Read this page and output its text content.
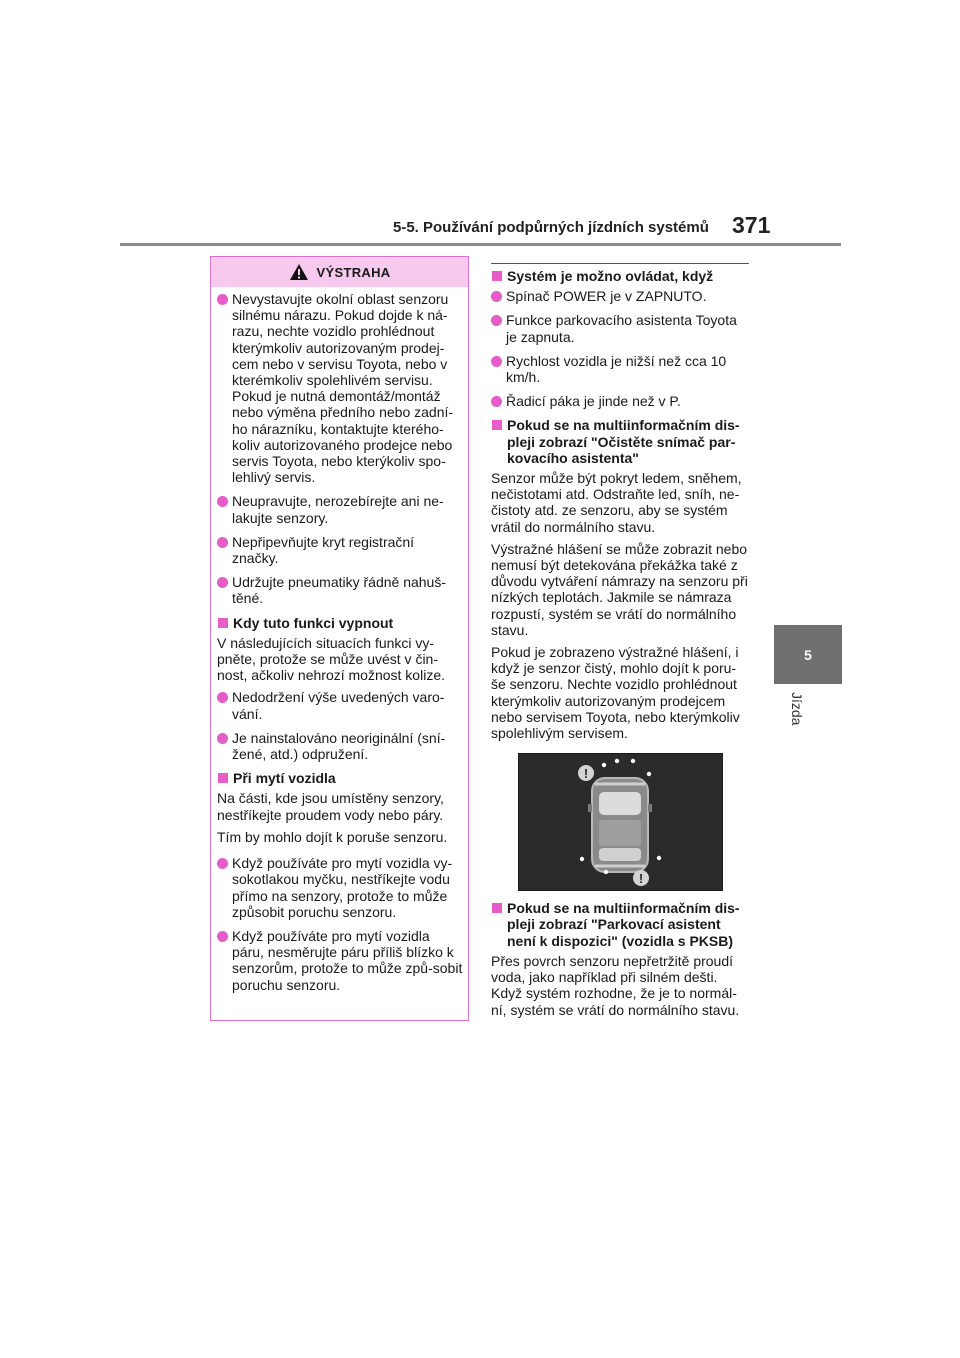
5-5. Používání podpůrných jízdních systémů 371
5
Jízda
VÝSTRAHA
Nevystavujte okolní oblast senzoru silnému nárazu. Pokud dojde k ná-razu, nechte vozidlo prohlédnout kterýmkoliv autorizovaným prodej-cem nebo v servisu Toyota, nebo v kterémkoliv spolehlivém servisu. Pokud je nutná demontáž/montáž nebo výměna předního nebo zadní-ho nárazníku, kontaktujte kterého-koliv autorizovaného prodejce nebo servis Toyota, nebo kterýkoliv spo-lehlivý servis.
Neupravujte, nerozebírejte ani ne-lakujte senzory.
Nepřipevňujte kryt registrační značky.
Udržujte pneumatiky řádně nahuš-těné.
Kdy tuto funkci vypnout

V následujících situacích funkci vy-pněte, protože se může uvést v čin-nost, ačkoliv nehrozí možnost kolize.

Nedodržení výše uvedených varo-vání.
Je nainstalováno neoriginální (sní-žené, atd.) odpružení.
Při mytí vozidla

Na části, kde jsou umístěny senzory, nestříkejte proudem vody nebo páry.

Tím by mohlo dojít k poruše senzoru.

Když používáte pro mytí vozidla vy-sokotlakou myčku, nestříkejte vodu přímo na senzory, protože to může způsobit poruchu senzoru.
Když používáte pro mytí vozidla páru, nesměrujte páru příliš blízko k senzorům, protože to může způ-sobit poruchu senzoru.
Systém je možno ovládat, když
Spínač POWER je v ZAPNUTO.
Funkce parkovacího asistenta Toyota je zapnuta.
Rychlost vozidla je nižší než cca 10 km/h.
Řadicí páka je jinde než v P.
Pokud se na multiinformačním dis-pleji zobrazí "Očistěte snímač par-kovacího asistenta"

Senzor může být pokryt ledem, sněhem, nečistotami atd. Odstraňte led, sníh, ne-čistoty atd. ze senzoru, aby se systém vrátil do normálního stavu.

Výstražné hlášení se může zobrazit nebo nemusí být detekována překážka také z důvodu vytváření námrazy na senzoru při nízkých teplotách. Jakmile se námraza rozpustí, systém se vrátí do normálního stavu.

Pokud je zobrazeno výstražné hlášení, i když je senzor čistý, mohlo dojít k poru-še senzoru. Nechte vozidlo prohlédnout kterýmkoliv autorizovaným prodejcem nebo servisem Toyota, nebo kterýmkoliv spolehlivým servisem.

!
!
Pokud se na multiinformačním dis-pleji zobrazí "Parkovací asistent není k dispozici" (vozidla s PKSB)

Přes povrch senzoru nepřetržitě proudí voda, jako například při silném dešti. Když systém rozhodne, že je to normál-ní, systém se vrátí do normálního stavu.
